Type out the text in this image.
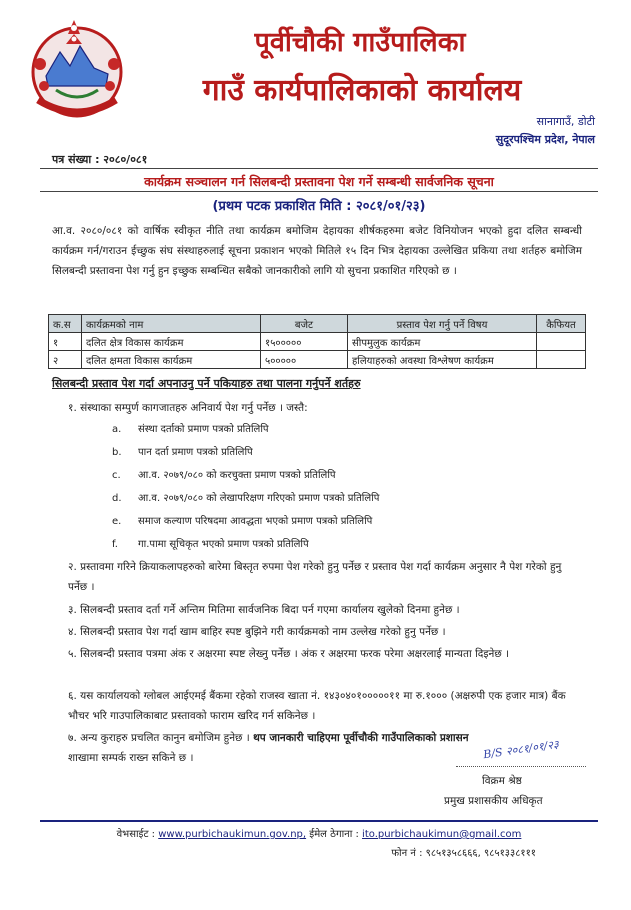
पूर्वीचौकी गाउँपालिका
गाउँ कार्यपालिकाको कार्यालय
सानागाउँ, डोटी
सुदूरपश्चिम प्रदेश, नेपाल
पत्र संख्या : २०८०/०८१
कार्यक्रम सञ्चालन गर्न सिलबन्दी प्रस्तावना पेश गर्ने सम्बन्धी सार्वजनिक सूचना
(प्रथम पटक प्रकाशित मिति : २०८१/०१/२३)
आ.व. २०८०/०८१ को वार्षिक स्वीकृत नीति तथा कार्यक्रम बमोजिम देहायका शीर्षकहरुमा बजेट विनियोजन भएको हुदा दलित सम्बन्धी कार्यक्रम गर्न/गराउन ईच्छुक संघ संस्थाहरुलाई सूचना प्रकाशन भएको मितिले १५ दिन भित्र देहायका उल्लेखित प्रकिया तथा शर्तहरु बमोजिम सिलबन्दी प्रस्तावना पेश गर्नु हुन इच्छुक सम्बन्धित सबैको जानकारीको लागि यो सुचना प्रकाशित गरिएको छ ।
क.स	कार्यक्रमको नाम	बजेट	प्रस्ताव पेश गर्नु पर्ने विषय	कैफियत
१	दलित क्षेत्र विकास कार्यक्रम	१५०००००	सीपमुलुक कार्यक्रम	
२	दलित क्षमता विकास कार्यक्रम	५०००००	हलियाहरुको अवस्था विश्लेषण कार्यक्रम	
सिलबन्दी प्रस्ताव पेश गर्दा अपनाउनु पर्ने पकियाहरु तथा पालना गर्नुपर्ने शर्तहरु
१. संस्थाका सम्पुर्ण कागजातहरु अनिवार्य पेश गर्नु पर्नेछ । जस्तै:
a. संस्था दर्ताको प्रमाण पत्रको प्रतिलिपि
b. पान दर्ता प्रमाण पत्रको प्रतिलिपि
c. आ.व. २०७९/०८० को करचुक्ता प्रमाण पत्रको प्रतिलिपि
d. आ.व. २०७९/०८० को लेखापरिक्षण गरिएको प्रमाण पत्रको प्रतिलिपि
e. समाज कल्याण परिषदमा आवद्धता भएको प्रमाण पत्रको प्रतिलिपि
f. गा.पामा सूचिकृत भएको प्रमाण पत्रको प्रतिलिपि
२. प्रस्तावमा गरिने क्रियाकलापहरुको बारेमा बिस्तृत रुपमा पेश गरेको हुनु पर्नेछ र प्रस्ताव पेश गर्दा कार्यक्रम अनुसार नै पेश गरेको हुनु पर्नेछ ।
३. सिलबन्दी प्रस्ताव दर्ता गर्ने अन्तिम मितिमा सार्वजनिक बिदा पर्न गएमा कार्यालय खुलेको दिनमा हुनेछ ।
४. सिलबन्दी प्रस्ताव पेश गर्दा खाम बाहिर स्पष्ट बुझिने गरी कार्यक्रमको नाम उल्लेख गरेको हुनु पर्नेछ ।
५. सिलबन्दी प्रस्ताव पत्रमा अंक र अक्षरमा स्पष्ट लेख्नु पर्नेछ । अंक र अक्षरमा फरक परेमा अक्षरलाई मान्यता दिइनेछ ।
६. यस कार्यालयको ग्लोबल आईएमई बैंकमा रहेको राजस्व खाता नं. १४३०४०१०००००११ मा रु.१००० (अक्षरुपी एक हजार मात्र) बैंक भौचर भरि गाउपालिकाबाट प्रस्तावको फाराम खरिद गर्न सकिनेछ ।
७. अन्य कुराहरु प्रचलित कानुन बमोजिम हुनेछ । थप जानकारी चाहिएमा पूर्वीचौकी गाउँपालिकाको प्रशासन
शाखामा सम्पर्क राख्न सकिने छ ।	B/S २०८१/०१/२३
विक्रम श्रेष्ठ
प्रमुख प्रशासकीय अधिकृत
वेभसाईट : www.purbichaukimun.gov.np, ईमेल ठेगाना : ito.purbichaukimun@gmail.com
फोन नं : ९८५१३५८६६६, ९८५१३३८१११
